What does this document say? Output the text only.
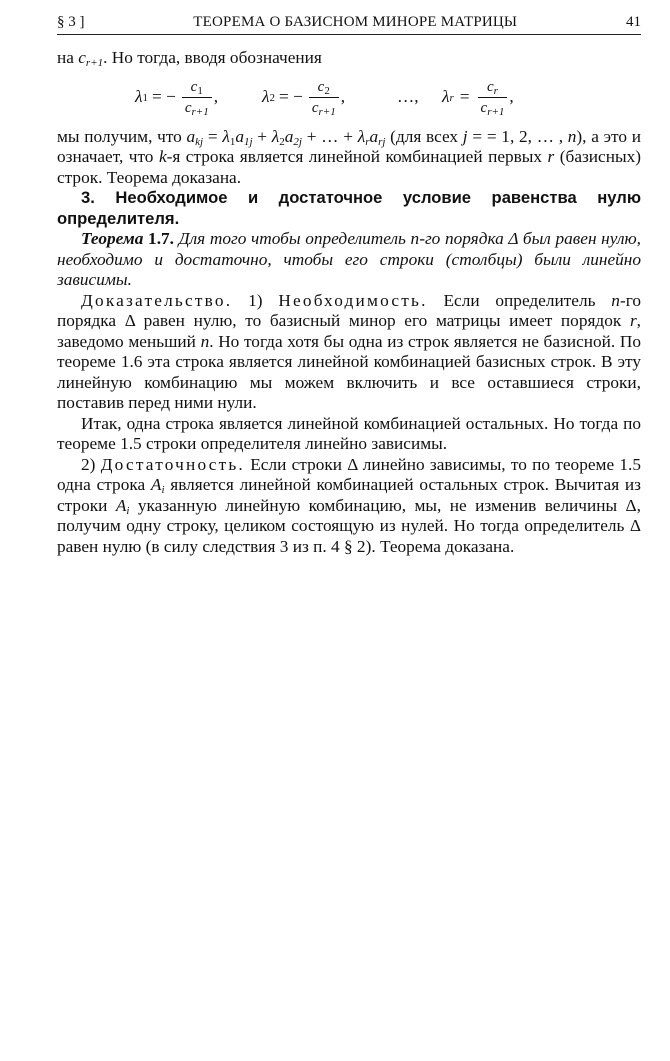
§ 3 ]	ТЕОРЕМА О БАЗИСНОМ МИНОРЕ МАТРИЦЫ	41

на $c_{r+1}$. Но тогда, вводя обозначения

λ 1 = − $\frac{c_1}{c_{r+1}}$ ,	λ 2 = − $\frac{c_2}{c_{r+1}}$ ,	…, λ $r = \frac{c_r}{c_{r+1}}$ ,

мы получим, что $a_{kj} = \lambda_1a_{1j} + \lambda_2a_{2j}$ + … + $\lambda_ra_{rj}$ (для всех j = = 1, 2, … , n), а это и означает, что k-я строка является линейной комбинацией первых r (базисных) строк. Теорема доказана.

3. Необходимое и достаточное условие равенства нулю определителя.

Теорема 1.7. Для того чтобы определитель n-го порядка Δ был равен нулю, необходимо и достаточно, чтобы его строки (столбцы) были линейно зависимы.

Доказательство. 1) Необходимость. Если определитель n-го порядка Δ равен нулю, то базисный минор его матрицы имеет порядок r, заведомо меньший n. Но тогда хотя бы одна из строк является не базисной. По теореме 1.6 эта строка является линейной комбинацией базисных строк. В эту линейную комбинацию мы можем включить и все оставшиеся строки, поставив перед ними нули.

Итак, одна строка является линейной комбинацией остальных. Но тогда по теореме 1.5 строки определителя линейно зависимы.

2) Достаточность. Если строки Δ линейно зависимы, то по теореме 1.5 одна строка $A_i$ является линейной комбинацией остальных строк. Вычитая из строки $A_i$ указанную линейную комбинацию, мы, не изменив величины Δ, получим одну строку, целиком состоящую из нулей. Но тогда определитель Δ равен нулю (в силу следствия 3 из п. 4 § 2). Теорема доказана.
